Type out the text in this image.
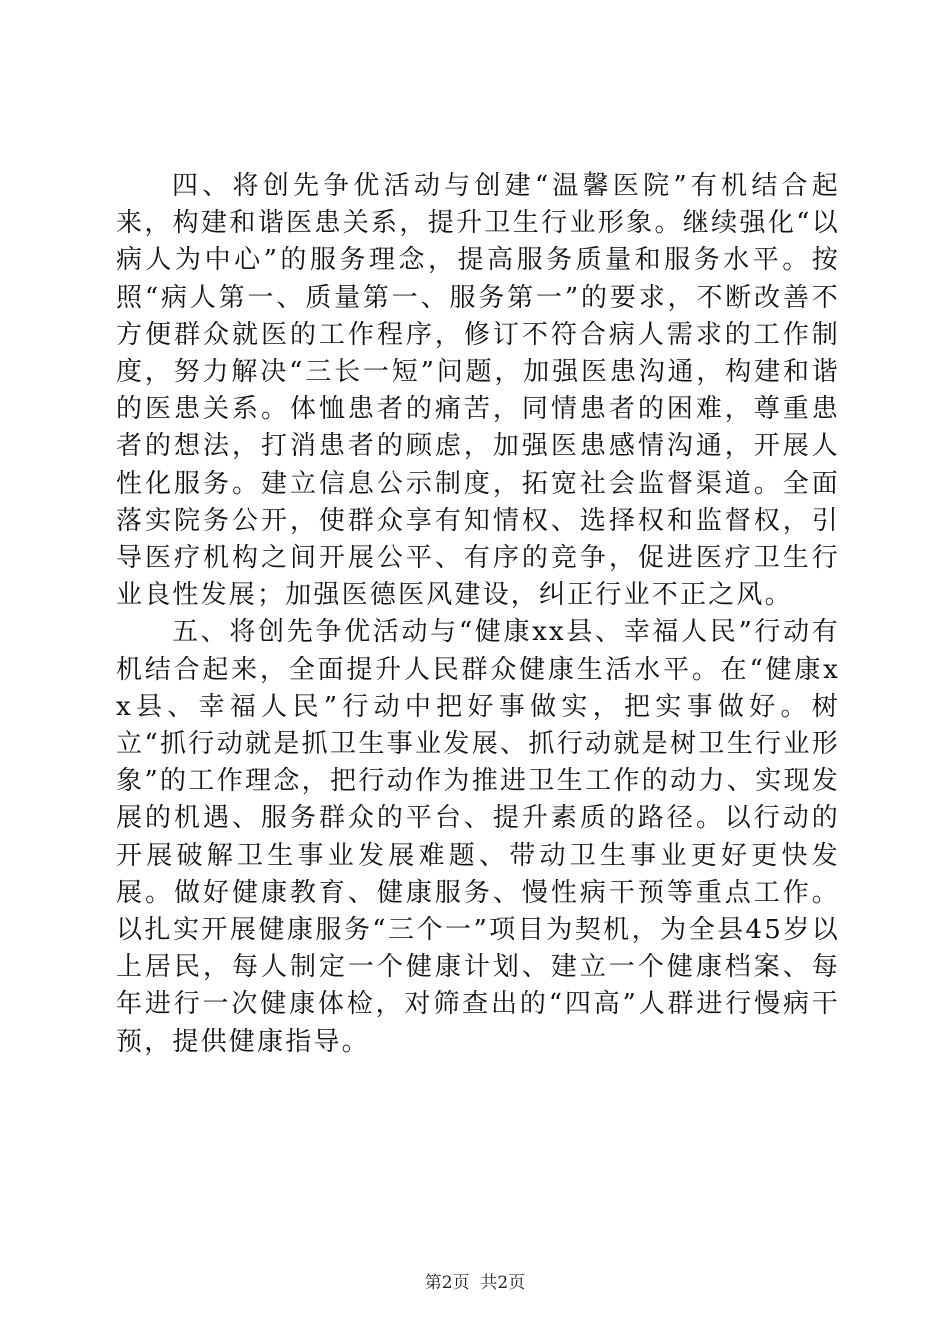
四、将创先争优活动与创建“温馨医院”有机结合起来，构建和谐医患关系，提升卫生行业形象。继续强化“以病人为中心”的服务理念，提高服务质量和服务水平。按照“病人第一、质量第一、服务第一”的要求，不断改善不方便群众就医的工作程序，修订不符合病人需求的工作制度，努力解决“三长一短”问题，加强医患沟通，构建和谐的医患关系。体恤患者的痛苦，同情患者的困难，尊重患者的想法，打消患者的顾虑，加强医患感情沟通，开展人性化服务。建立信息公示制度，拓宽社会监督渠道。全面落实院务公开，使群众享有知情权、选择权和监督权，引导医疗机构之间开展公平、有序的竞争，促进医疗卫生行业良性发展；加强医德医风建设，纠正行业不正之风。

五、将创先争优活动与“健康xx县、幸福人民”行动有机结合起来，全面提升人民群众健康生活水平。在“健康xx县、幸福人民”行动中把好事做实，把实事做好。树立“抓行动就是抓卫生事业发展、抓行动就是树卫生行业形象”的工作理念，把行动作为推进卫生工作的动力、实现发展的机遇、服务群众的平台、提升素质的路径。以行动的开展破解卫生事业发展难题、带动卫生事业更好更快发展。做好健康教育、健康服务、慢性病干预等重点工作。以扎实开展健康服务“三个一”项目为契机，为全县45岁以上居民，每人制定一个健康计划、建立一个健康档案、每年进行一次健康体检，对筛查出的“四高”人群进行慢病干预，提供健康指导。

第2页  共2页
